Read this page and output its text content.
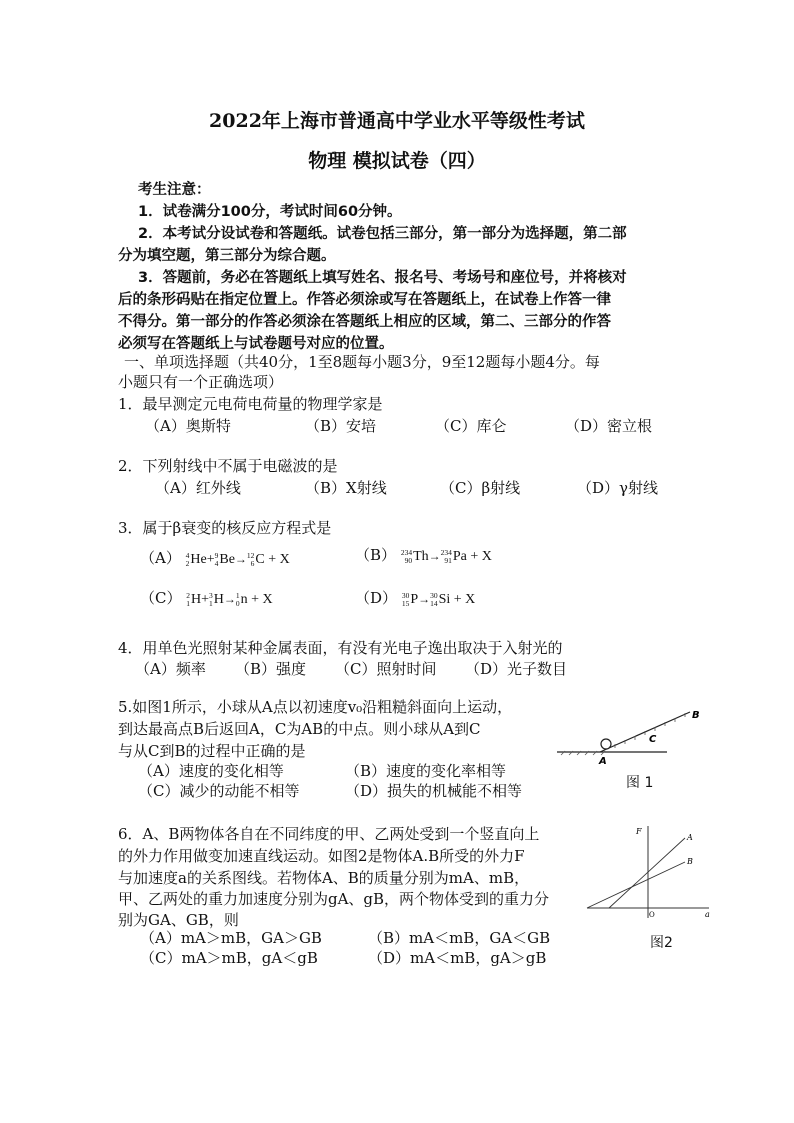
2022年上海市普通高中学业水平等级性考试
物理 模拟试卷（四）
考生注意：
1．试卷满分100分，考试时间60分钟。
2．本考试分设试卷和答题纸。试卷包括三部分，第一部分为选择题，第二部
分为填空题，第三部分为综合题。
3．答题前，务必在答题纸上填写姓名、报名号、考场号和座位号，并将核对
后的条形码贴在指定位置上。作答必须涂或写在答题纸上，在试卷上作答一律
不得分。第一部分的作答必须涂在答题纸上相应的区域，第二、三部分的作答
必须写在答题纸上与试卷题号对应的位置。
一、单项选择题（共40分，1至8题每小题3分，9至12题每小题4分。每
小题只有一个正确选项）
1．最早测定元电荷电荷量的物理学家是
（A）奥斯特	（B）安培	（C）库仑	（D）密立根
2．下列射线中不属于电磁波的是
（A）红外线	（B）X射线	（C）β射线	（D）γ射线
3．属于β衰变的核反应方程式是
（A） 4
2 He+ 9
4 Be→ 12
6 C + X	（B） 234
90 Th→ 234
91 Pa + X
（C） 2
1 H+ 3
1 H→ 1
0 n + X	（D） 30
15 P→ 30
14 Si + X
4．用单色光照射某种金属表面，有没有光电子逸出取决于入射光的
（A）频率 （B）强度 （C）照射时间 （D）光子数目
5.如图1所示，小球从A点以初速度v₀沿粗糙斜面向上运动，
到达最高点B后返回A，C为AB的中点。则小球从A到C
与从C到B的过程中正确的是
（A）速度的变化相等	（B）速度的变化率相等
（C）减少的动能不相等	（D）损失的机械能不相等
A
B
C
图 1
6．A、B两物体各自在不同纬度的甲、乙两处受到一个竖直向上
的外力作用做变加速直线运动。如图2是物体A.B所受的外力F
与加速度a的关系图线。若物体A、B的质量分别为mA、mB，
甲、乙两处的重力加速度分别为gA、gB，两个物体受到的重力分
别为GA、GB，则
（A）mA＞mB，GA＞GB	（B）mA＜mB，GA＜GB
（C）mA＞mB，gA＜gB	（D）mA＜mB，gA＞gB
F
A
B
O	a
图2
